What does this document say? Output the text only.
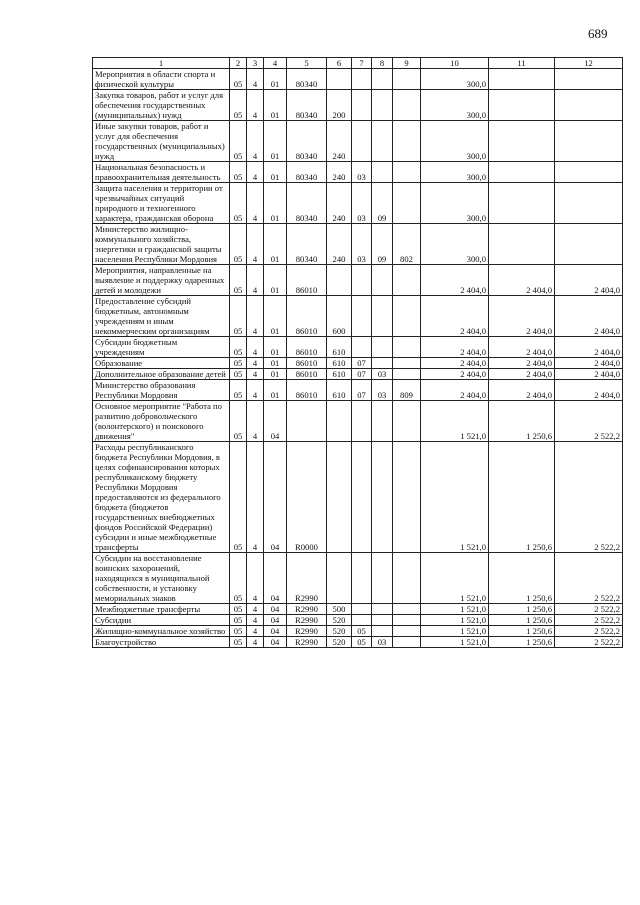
689
1	2	3	4	5	6	7	8	9	10	11	12
Мероприятия в области спорта и физической культуры	05	4	01	80340					300,0		
Закупка товаров, работ и услуг для обеспечения государственных (муниципальных) нужд	05	4	01	80340	200				300,0		
Иные закупки товаров, работ и услуг для обеспечения государственных (муниципальных) нужд	05	4	01	80340	240				300,0		
Национальная безопасность и правоохранительная деятельность	05	4	01	80340	240	03			300,0		
Защита населения и территории от чрезвычайных ситуаций природного и техногенного характера, гражданская оборона	05	4	01	80340	240	03	09		300,0		
Министерство жилищно-коммунального хозяйства, энергетики и гражданской защиты населения Республики Мордовия	05	4	01	80340	240	03	09	802	300,0		
Мероприятия, направленные на выявление и поддержку одаренных детей и молодежи	05	4	01	86010					2 404,0	2 404,0	2 404,0
Предоставление субсидий бюджетным, автономным учреждениям и иным некоммерческим организациям	05	4	01	86010	600				2 404,0	2 404,0	2 404,0
Субсидии бюджетным учреждениям	05	4	01	86010	610				2 404,0	2 404,0	2 404,0
Образование	05	4	01	86010	610	07			2 404,0	2 404,0	2 404,0
Дополнительное образование детей	05	4	01	86010	610	07	03		2 404,0	2 404,0	2 404,0
Министерство образования Республики Мордовия	05	4	01	86010	610	07	03	809	2 404,0	2 404,0	2 404,0
Основное мероприятие "Работа по развитию добровольческого (волонтерского) и поискового движения"	05	4	04						1 521,0	1 250,6	2 522,2
Расходы республиканского бюджета Республики Мордовия, в целях софинансирования которых республиканскому бюджету Республики Мордовия предоставляются из федерального бюджета (бюджетов государственных внебюджетных фондов Российской Федерации) субсидии и иные межбюджетные трансферты	05	4	04	R0000					1 521,0	1 250,6	2 522,2
Субсидии на восстановление воинских захоронений, находящихся в муниципальной собственности, и установку мемориальных знаков	05	4	04	R2990					1 521,0	1 250,6	2 522,2
Межбюджетные трансферты	05	4	04	R2990	500				1 521,0	1 250,6	2 522,2
Субсидии	05	4	04	R2990	520				1 521,0	1 250,6	2 522,2
Жилищно-коммунальное хозяйство	05	4	04	R2990	520	05			1 521,0	1 250,6	2 522,2
Благоустройство	05	4	04	R2990	520	05	03		1 521,0	1 250,6	2 522,2
